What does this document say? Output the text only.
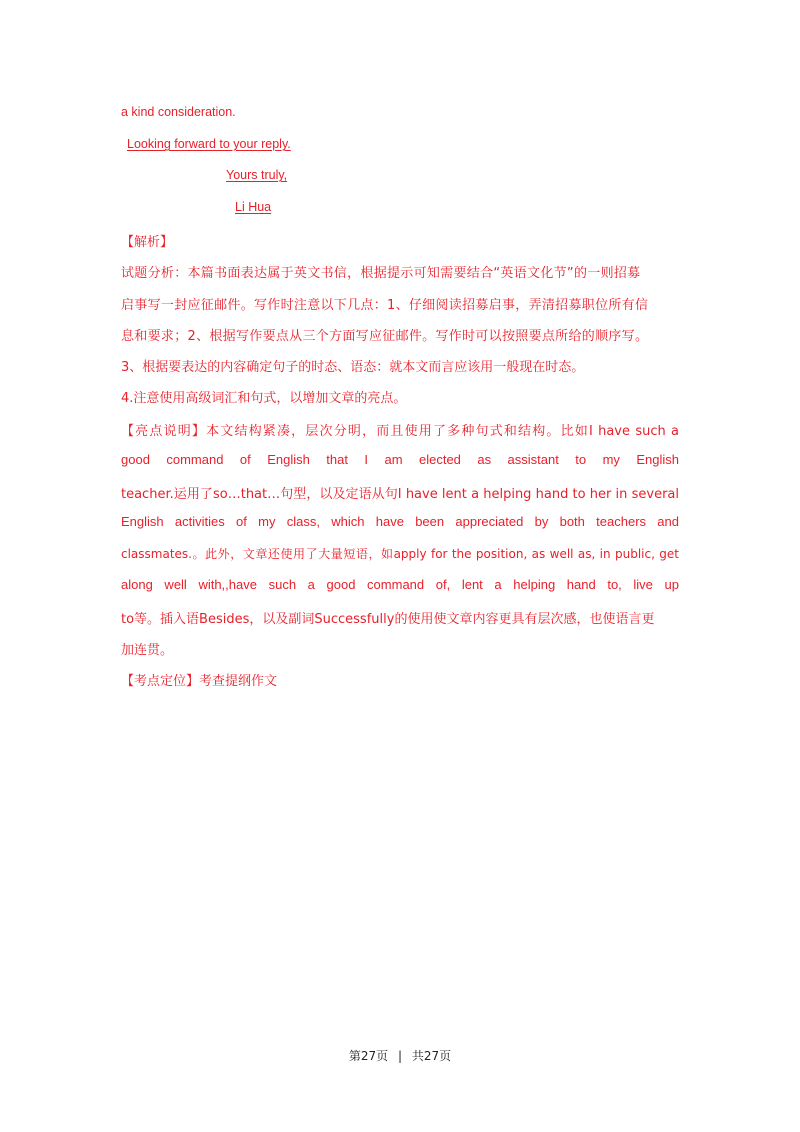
a kind consideration.
Looking forward to your reply.
Yours truly,
Li Hua
【解析】
试题分析：本篇书面表达属于英文书信，根据提示可知需要结合“英语文化节”的一则招募
启事写一封应征邮件。写作时注意以下几点：1、仔细阅读招募启事，弄清招募职位所有信
息和要求；2、根据写作要点从三个方面写应征邮件。写作时可以按照要点所给的顺序写。
3、根据要表达的内容确定句子的时态、语态：就本文而言应该用一般现在时态。
4.注意使用高级词汇和句式，以增加文章的亮点。
【亮点说明】本文结构紧凑，层次分明，而且使用了多种句式和结构。比如I have such a
good command of English that I am elected as assistant to my English
teacher.运用了so…that…句型，以及定语从句I have lent a helping hand to her in several
English activities of my class, which have been appreciated by both teachers and
classmates.。此外，文章还使用了大量短语，如apply for the position, as well as, in public, get
along well with,,have such a good command of, lent a helping hand to, live up
to等。插入语Besides，以及副词Successfully的使用使文章内容更具有层次感，也使语言更
加连贯。
【考点定位】考查提纲作文
第27页 | 共27页
